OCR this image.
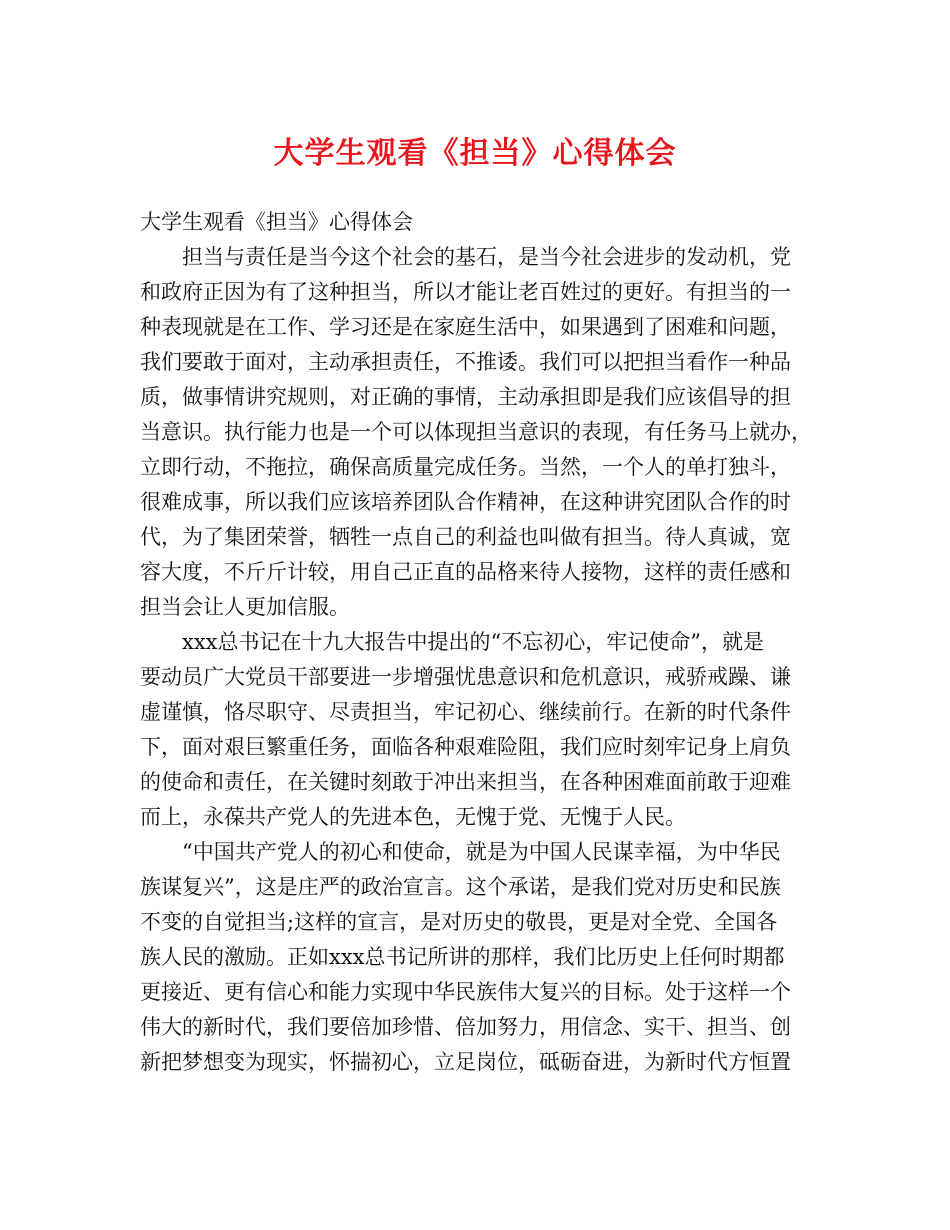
大学生观看《担当》心得体会

大学生观看《担当》心得体会

担当与责任是当今这个社会的基石，是当今社会进步的发动机，党
和政府正因为有了这种担当，所以才能让老百姓过的更好。有担当的一
种表现就是在工作、学习还是在家庭生活中，如果遇到了困难和问题，
我们要敢于面对，主动承担责任，不推诿。我们可以把担当看作一种品
质，做事情讲究规则，对正确的事情，主动承担即是我们应该倡导的担
当意识。执行能力也是一个可以体现担当意识的表现，有任务马上就办，
立即行动，不拖拉，确保高质量完成任务。当然，一个人的单打独斗，
很难成事，所以我们应该培养团队合作精神，在这种讲究团队合作的时
代，为了集团荣誉，牺牲一点自己的利益也叫做有担当。待人真诚，宽
容大度，不斤斤计较，用自己正直的品格来待人接物，这样的责任感和
担当会让人更加信服。

xxx总书记在十九大报告中提出的“不忘初心，牢记使命”，就是
要动员广大党员干部要进一步增强忧患意识和危机意识，戒骄戒躁、谦
虚谨慎，恪尽职守、尽责担当，牢记初心、继续前行。在新的时代条件
下，面对艰巨繁重任务，面临各种艰难险阻，我们应时刻牢记身上肩负
的使命和责任，在关键时刻敢于冲出来担当，在各种困难面前敢于迎难
而上，永葆共产党人的先进本色，无愧于党、无愧于人民。

“中国共产党人的初心和使命，就是为中国人民谋幸福，为中华民
族谋复兴”，这是庄严的政治宣言。这个承诺，是我们党对历史和民族
不变的自觉担当;这样的宣言，是对历史的敬畏，更是对全党、全国各
族人民的激励。正如xxx总书记所讲的那样，我们比历史上任何时期都
更接近、更有信心和能力实现中华民族伟大复兴的目标。处于这样一个
伟大的新时代，我们要倍加珍惜、倍加努力，用信念、实干、担当、创
新把梦想变为现实，怀揣初心，立足岗位，砥砺奋进，为新时代方恒置
